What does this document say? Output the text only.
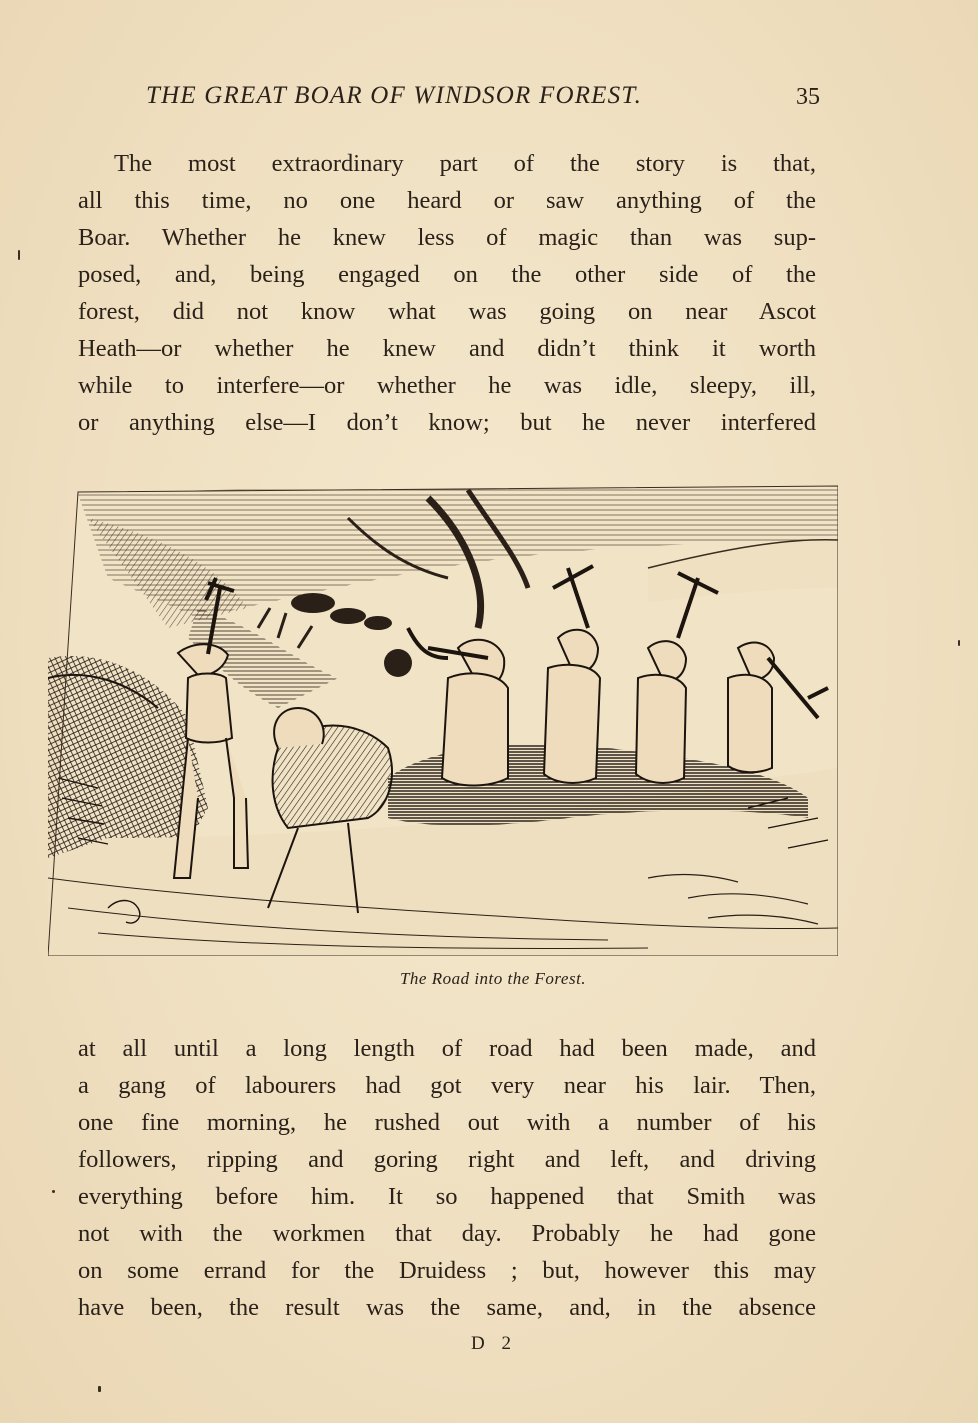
THE GREAT BOAR OF WINDSOR FOREST.	35
The most extraordinary part of the story is that,
all this time, no one heard or saw anything of the
Boar. Whether he knew less of magic than was sup-
posed, and, being engaged on the other side of the
forest, did not know what was going on near Ascot
Heath—or whether he knew and didn’t think it worth
while to interfere—or whether he was idle, sleepy, ill,
or anything else—I don’t know; but he never interfered
The Road into the Forest.
at all until a long length of road had been made, and
a gang of labourers had got very near his lair. Then,
one fine morning, he rushed out with a number of his
followers, ripping and goring right and left, and driving
everything before him. It so happened that Smith was
not with the workmen that day. Probably he had gone
on some errand for the Druidess ; but, however this may
have been, the result was the same, and, in the absence
D 2
